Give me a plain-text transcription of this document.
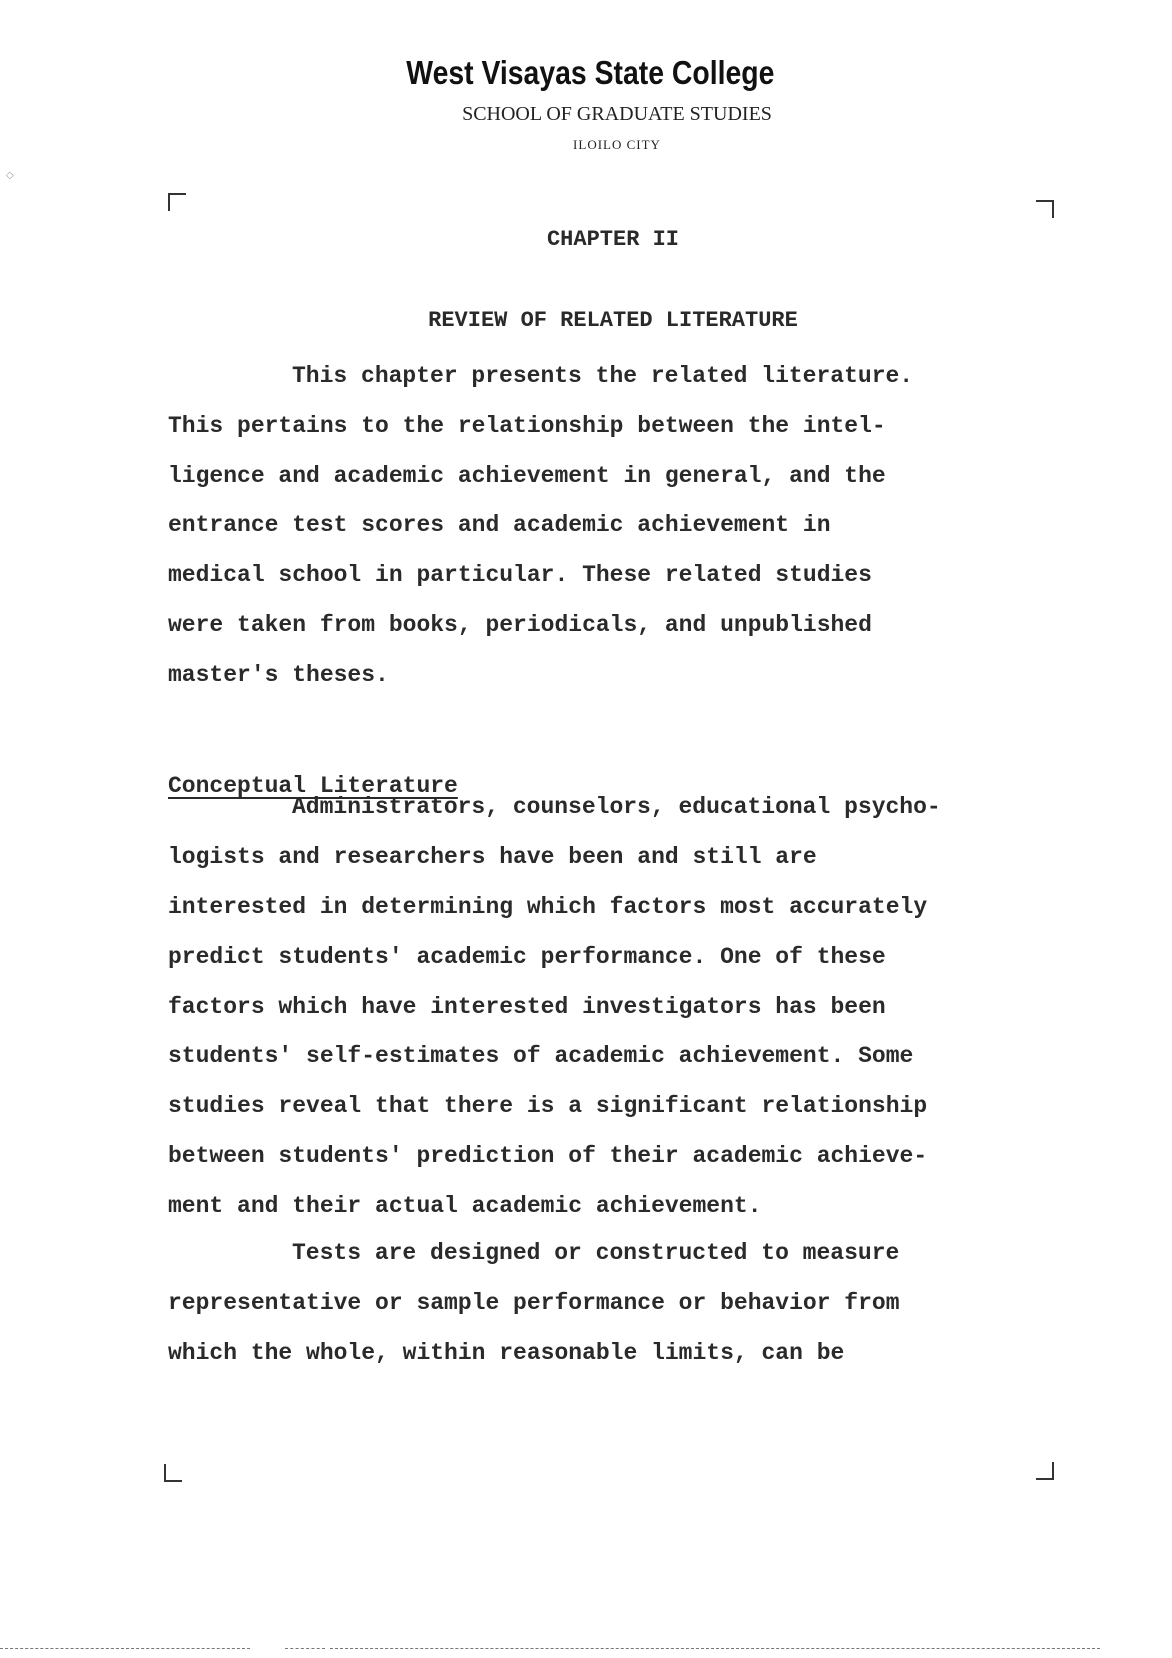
West Visayas State College
SCHOOL OF GRADUATE STUDIES
ILOILO CITY
◇
CHAPTER II
REVIEW OF RELATED LITERATURE
This chapter presents the related literature.
This pertains to the relationship between the intel-
ligence and academic achievement in general, and the
entrance test scores and academic achievement in
medical school in particular. These related studies
were taken from books, periodicals, and unpublished
master's theses.
Conceptual Literature
Administrators, counselors, educational psycho-
logists and researchers have been and still are
interested in determining which factors most accurately
predict students' academic performance. One of these
factors which have interested investigators has been
students' self-estimates of academic achievement. Some
studies reveal that there is a significant relationship
between students' prediction of their academic achieve-
ment and their actual academic achievement.
Tests are designed or constructed to measure
representative or sample performance or behavior from
which the whole, within reasonable limits, can be
